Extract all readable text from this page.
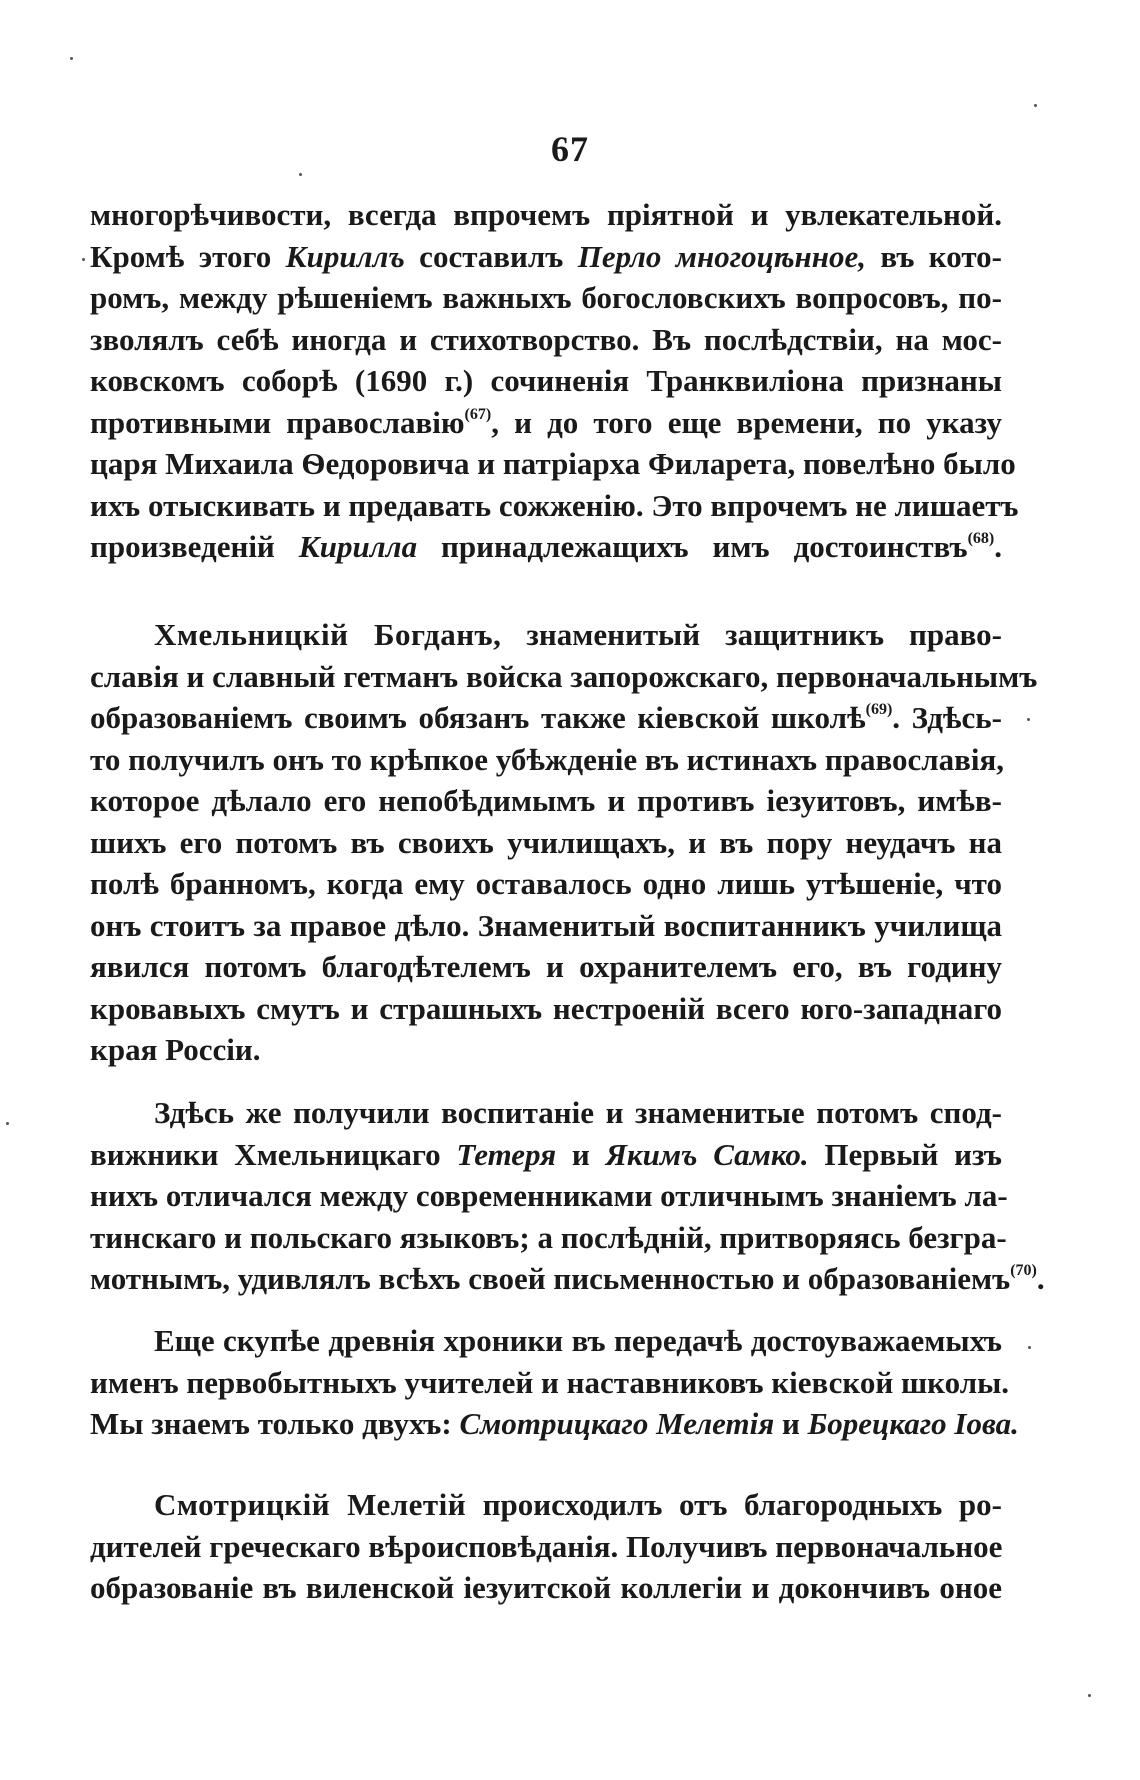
67
многорѣчивости, всегда впрочемъ пріятной и увлекательной.
Кромѣ этого Кириллъ составилъ Перло многоцѣнное, въ кото-
ромъ, между рѣшеніемъ важныхъ богословскихъ вопросовъ, по-
зволялъ себѣ иногда и стихотворство. Въ послѣдствіи, на мос-
ковскомъ соборѣ (1690 г.) сочиненія Транквиліона признаны
противными православію$^{(67)}$, и до того еще времени, по указу
царя Михаила Ѳедоровича и патріарха Филарета, повелѣно было
ихъ отыскивать и предавать сожженію. Это впрочемъ не лишаетъ
произведеній Кирилла принадлежащихъ имъ достоинствъ$^{(68)}$.
Хмельницкій Богданъ, знаменитый защитникъ право-
славія и славный гетманъ войска запорожскаго, первоначальнымъ
образованіемъ своимъ обязанъ также кіевской школѣ$^{(69)}$. Здѣсь-
то получилъ онъ то крѣпкое убѣжденіе въ истинахъ православія,
которое дѣлало его непобѣдимымъ и противъ іезуитовъ, имѣв-
шихъ его потомъ въ своихъ училищахъ, и въ пору неудачъ на
полѣ бранномъ, когда ему оставалось одно лишь утѣшеніе, что
онъ стоитъ за правое дѣло. Знаменитый воспитанникъ училища
явился потомъ благодѣтелемъ и охранителемъ его, въ годину
кровавыхъ смутъ и страшныхъ нестроеній всего юго-западнаго
края Россіи.
Здѣсь же получили воспитаніе и знаменитые потомъ спод-
вижники Хмельницкаго Тетеря и Якимъ Самко. Первый изъ
нихъ отличался между современниками отличнымъ знаніемъ ла-
тинскаго и польскаго языковъ; а послѣдній, притворяясь безгра-
мотнымъ, удивлялъ всѣхъ своей письменностью и образованіемъ$^{(70)}$.
Еще скупѣе древнія хроники въ передачѣ достоуважаемыхъ
именъ первобытныхъ учителей и наставниковъ кіевской школы.
Мы знаемъ только двухъ: Смотрицкаго Мелетія и Борецкаго Іова.
Смотрицкій Мелетій происходилъ отъ благородныхъ ро-
дителей греческаго вѣроисповѣданія. Получивъ первоначальное
образованіе въ виленской іезуитской коллегіи и докончивъ оное
